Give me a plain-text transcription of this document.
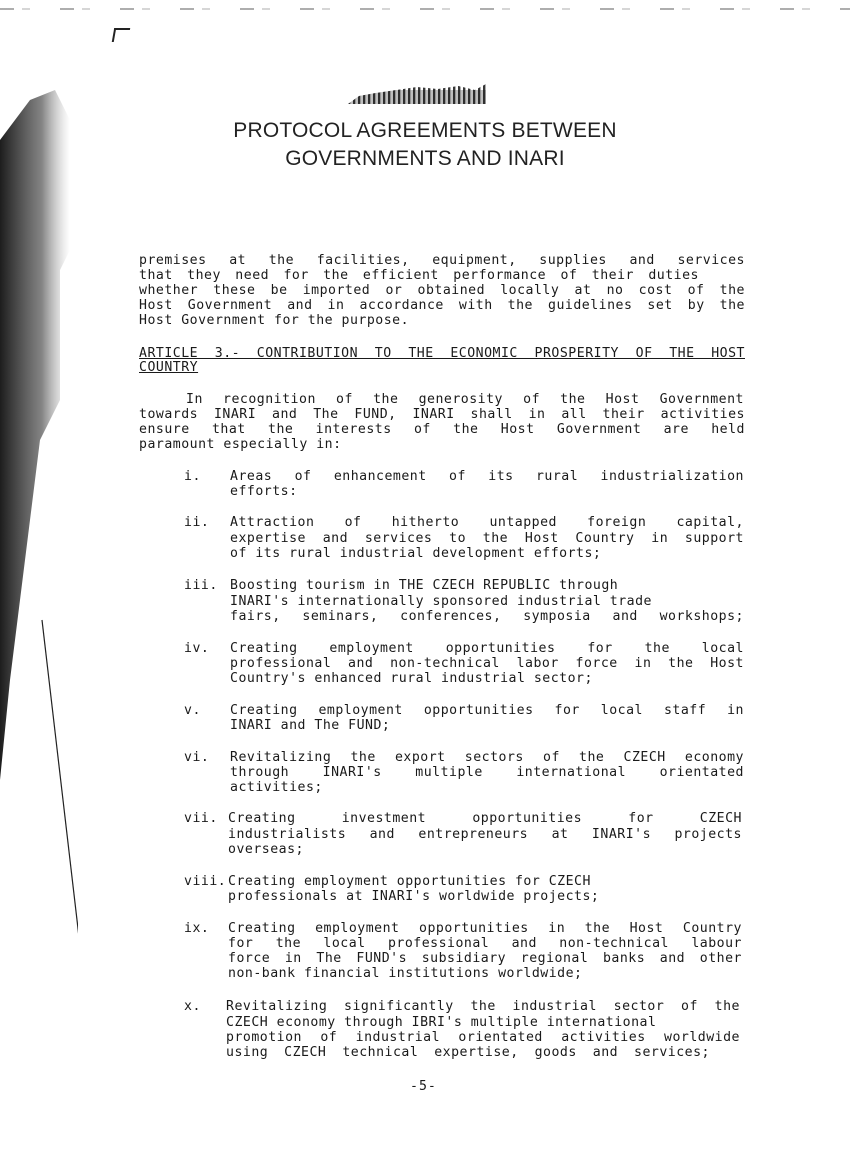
PROTOCOL AGREEMENTS BETWEEN
GOVERNMENTS AND INARI
premises at the facilities, equipment, supplies and services
that they need for the efficient performance of their duties
whether these be imported or obtained locally at no cost of the
Host Government and in accordance with the guidelines set by the
Host Government for the purpose.
ARTICLE 3.- CONTRIBUTION TO THE ECONOMIC PROSPERITY OF THE HOST
COUNTRY
In recognition of the generosity of the Host Government
towards INARI and The FUND, INARI shall in all their activities
ensure that the interests of the Host Government are held
paramount especially in:
i. Areas of enhancement of its rural industrialization
efforts:
ii. Attraction of hitherto untapped foreign capital,
expertise and services to the Host Country in support
of its rural industrial development efforts;
iii. Boosting tourism in THE CZECH REPUBLIC through
INARI's internationally sponsored industrial trade
fairs, seminars, conferences, symposia and workshops;
iv. Creating employment opportunities for the local
professional and non-technical labor force in the Host
Country's enhanced rural industrial sector;
v. Creating employment opportunities for local staff in
INARI and The FUND;
vi. Revitalizing the export sectors of the CZECH economy
through INARI's multiple international orientated
activities;
vii. Creating investment opportunities for CZECH
industrialists and entrepreneurs at INARI's projects
overseas;
viii. Creating employment opportunities for CZECH
professionals at INARI's worldwide projects;
ix. Creating employment opportunities in the Host Country
for the local professional and non-technical labour
force in The FUND's subsidiary regional banks and other
non-bank financial institutions worldwide;
x. Revitalizing significantly the industrial sector of the
CZECH economy through IBRI's multiple international
promotion of industrial orientated activities worldwide
using CZECH technical expertise, goods and services;
-5-
